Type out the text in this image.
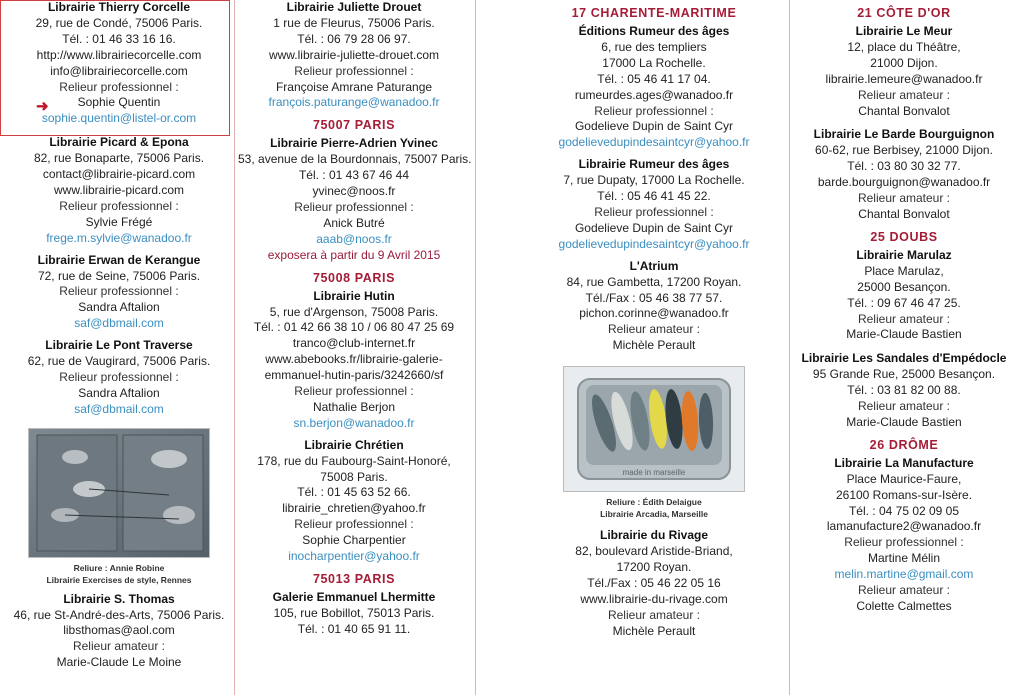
➜
Librairie Thierry Corcelle
29, rue de Condé, 75006 Paris.
Tél. : 01 46 33 16 16.
http://www.librairiecorcelle.com
info@librairiecorcelle.com
Relieur professionnel :
Sophie Quentin
sophie.quentin@listel-or.com
Librairie Picard & Epona
82, rue Bonaparte, 75006 Paris.
contact@librairie-picard.com
www.librairie-picard.com
Relieur professionnel :
Sylvie Frégé
frege.m.sylvie@wanadoo.fr
Librairie Erwan de Kerangue
72, rue de Seine, 75006 Paris.
Relieur professionnel :
Sandra Aftalion
saf@dbmail.com
Librairie Le Pont Traverse
62, rue de Vaugirard, 75006 Paris.
Relieur professionnel :
Sandra Aftalion
saf@dbmail.com
Reliure : Annie Robine
Librairie Exercises de style, Rennes
Librairie S. Thomas
46, rue St-André-des-Arts, 75006 Paris.
libsthomas@aol.com
Relieur amateur :
Marie-Claude Le Moine
Librairie Juliette Drouet
1 rue de Fleurus, 75006 Paris.
Tél. : 06 79 28 06 97.
www.librairie-juliette-drouet.com
Relieur professionnel :
Françoise Amrane Paturange
françois.paturange@wanadoo.fr
75007 PARIS
Librairie Pierre-Adrien Yvinec
53, avenue de la Bourdonnais, 75007 Paris.
Tél. : 01 43 67 46 44
yvinec@noos.fr
Relieur professionnel :
Anick Butré
aaab@noos.fr
exposera à partir du 9 Avril 2015
75008 PARIS
Librairie Hutin
5, rue d'Argenson, 75008 Paris.
Tél. : 01 42 66 38 10 / 06 80 47 25 69
tranco@club-internet.fr
www.abebooks.fr/librairie-galerie-
emmanuel-hutin-paris/3242660/sf
Relieur professionnel :
Nathalie Berjon
sn.berjon@wanadoo.fr
Librairie Chrétien
178, rue du Faubourg-Saint-Honoré,
75008 Paris.
Tél. : 01 45 63 52 66.
librairie_chretien@yahoo.fr
Relieur professionnel :
Sophie Charpentier
inocharpentier@yahoo.fr
75013 PARIS
Galerie Emmanuel Lhermitte
105, rue Bobillot, 75013 Paris.
Tél. : 01 40 65 91 11.
17 CHARENTE-MARITIME
Éditions Rumeur des âges
6, rue des templiers
17000 La Rochelle.
Tél. : 05 46 41 17 04.
rumeurdes.ages@wanadoo.fr
Relieur professionnel :
Godelieve Dupin de Saint Cyr
godelievedupindesaintcyr@yahoo.fr
Librairie Rumeur des âges
7, rue Dupaty, 17000 La Rochelle.
Tél. : 05 46 41 45 22.
Relieur professionnel :
Godelieve Dupin de Saint Cyr
godelievedupindesaintcyr@yahoo.fr
L'Atrium
84, rue Gambetta, 17200 Royan.
Tél./Fax : 05 46 38 77 57.
pichon.corinne@wanadoo.fr
Relieur amateur :
Michèle Perault
made in marseille
Reliure : Édith Delaigue
Librairie Arcadia, Marseille
Librairie du Rivage
82, boulevard Aristide-Briand,
17200 Royan.
Tél./Fax : 05 46 22 05 16
www.librairie-du-rivage.com
Relieur amateur :
Michèle Perault
21 CÔTE D'OR
Librairie Le Meur
12, place du Théâtre,
21000 Dijon.
librairie.lemeure@wanadoo.fr
Relieur amateur :
Chantal Bonvalot
Librairie Le Barde Bourguignon
60-62, rue Berbisey, 21000 Dijon.
Tél. : 03 80 30 32 77.
barde.bourguignon@wanadoo.fr
Relieur amateur :
Chantal Bonvalot
25 DOUBS
Librairie Marulaz
Place Marulaz,
25000 Besançon.
Tél. : 09 67 46 47 25.
Relieur amateur :
Marie-Claude Bastien
Librairie Les Sandales d'Empédocle
95 Grande Rue, 25000 Besançon.
Tél. : 03 81 82 00 88.
Relieur amateur :
Marie-Claude Bastien
26 DRÔME
Librairie La Manufacture
Place Maurice-Faure,
26100 Romans-sur-Isère.
Tél. : 04 75 02 09 05
lamanufacture2@wanadoo.fr
Relieur professionnel :
Martine Mélin
melin.martine@gmail.com
Relieur amateur :
Colette Calmettes
